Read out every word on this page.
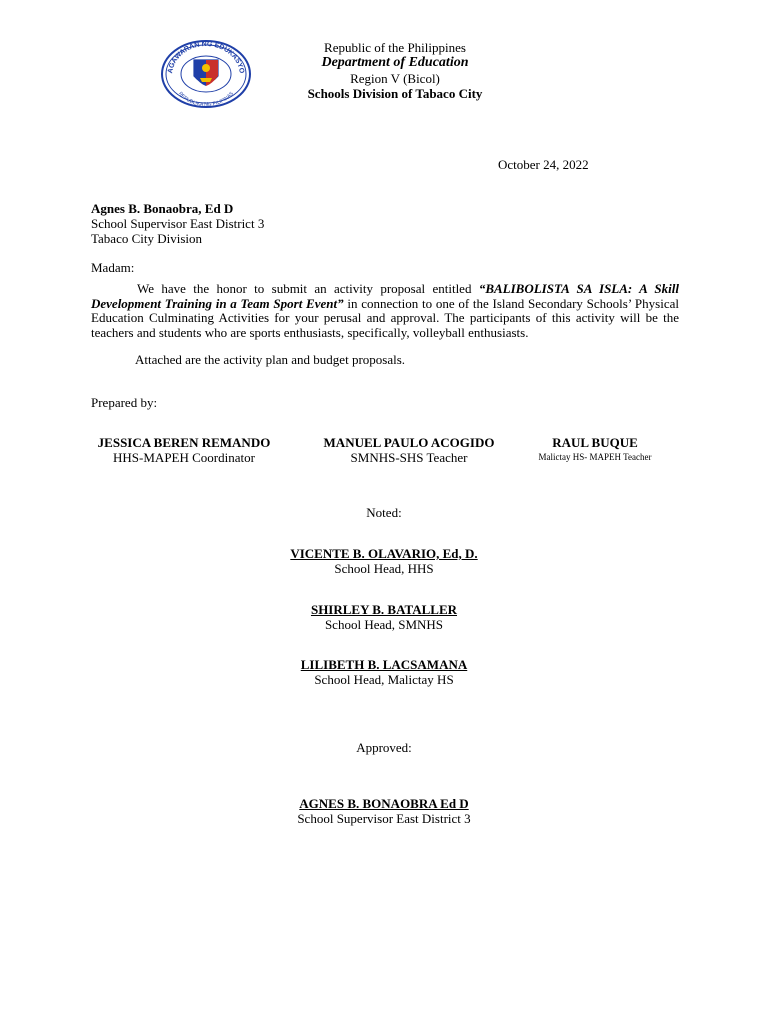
AGAWARAN NG EDUKASYO
REPUBLIKA NG PILIPINAS
Republic of the Philippines
Department of Education
Region V (Bicol)
Schools Division of Tabaco City
October 24, 2022
Agnes B. Bonaobra, Ed D
School Supervisor East District 3
Tabaco City Division
Madam:

We have the honor to submit an activity proposal entitled “BALIBOLISTA SA ISLA: A Skill Development Training in a Team Sport Event” in connection to one of the Island Secondary Schools’ Physical Education Culminating Activities for your perusal and approval. The participants of this activity will be the teachers and students who are sports enthusiasts, specifically, volleyball enthusiasts.

Attached are the activity plan and budget proposals.

Prepared by:
JESSICA BEREN REMANDO
HHS-MAPEH Coordinator
MANUEL PAULO ACOGIDO
SMNHS-SHS Teacher
RAUL BUQUE
Malictay HS- MAPEH Teacher
Noted:
VICENTE B. OLAVARIO, Ed, D.
School Head, HHS
SHIRLEY B. BATALLER
School Head, SMNHS
LILIBETH B. LACSAMANA
School Head, Malictay HS
Approved:
AGNES B. BONAOBRA Ed D
School Supervisor East District 3
